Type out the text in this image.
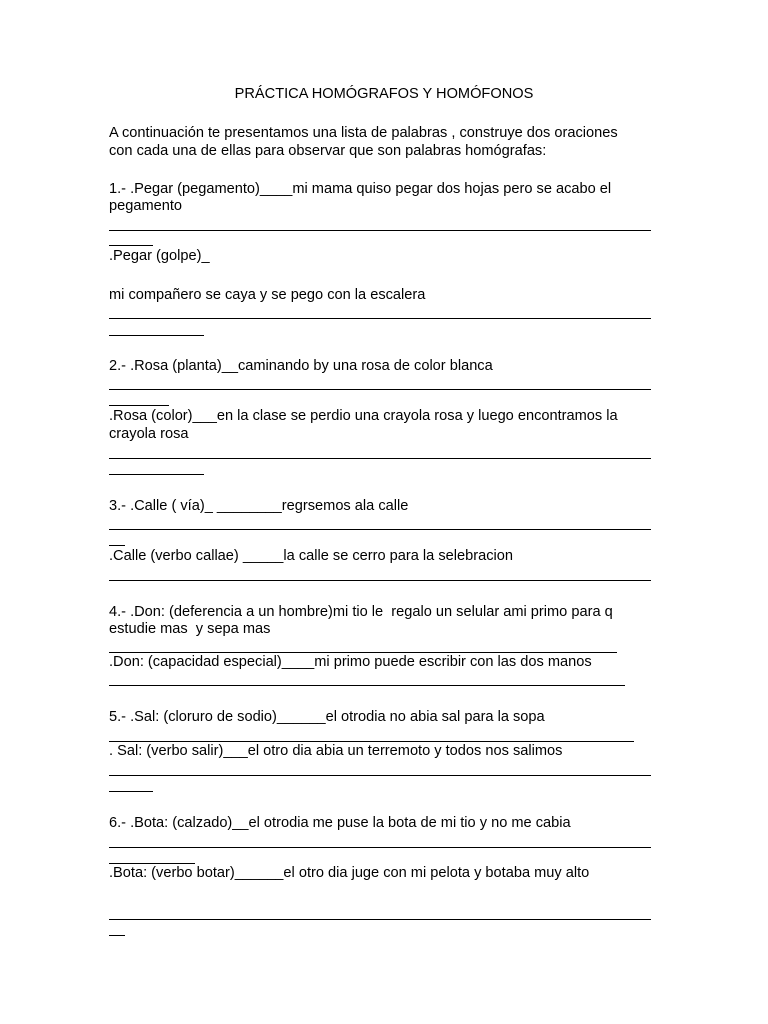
PRÁCTICA HOMÓGRAFOS Y HOMÓFONOS

A continuación te presentamos una lista de palabras , construye dos oraciones

con cada una de ellas para observar que son palabras homógrafas:

1.- .Pegar (pegamento)____mi mama quiso pegar dos hojas pero se acabo el

pegamento

.Pegar (golpe)_

mi compañero se caya y se pego con la escalera

2.- .Rosa (planta)__caminando by una rosa de color blanca

.Rosa (color)___en la clase se perdio una crayola rosa y luego encontramos la

crayola rosa

3.- .Calle ( vía)_ ________regrsemos ala calle

.Calle (verbo callae) _____la calle se cerro para la selebracion

4.- .Don: (deferencia a un hombre)mi tio le  regalo un selular ami primo para q

estudie mas  y sepa mas

.Don: (capacidad especial)____mi primo puede escribir con las dos manos

5.- .Sal: (cloruro de sodio)______el otrodia no abia sal para la sopa

. Sal: (verbo salir)___el otro dia abia un terremoto y todos nos salimos

6.- .Bota: (calzado)__el otrodia me puse la bota de mi tio y no me cabia

.Bota: (verbo botar)______el otro dia juge con mi pelota y botaba muy alto
